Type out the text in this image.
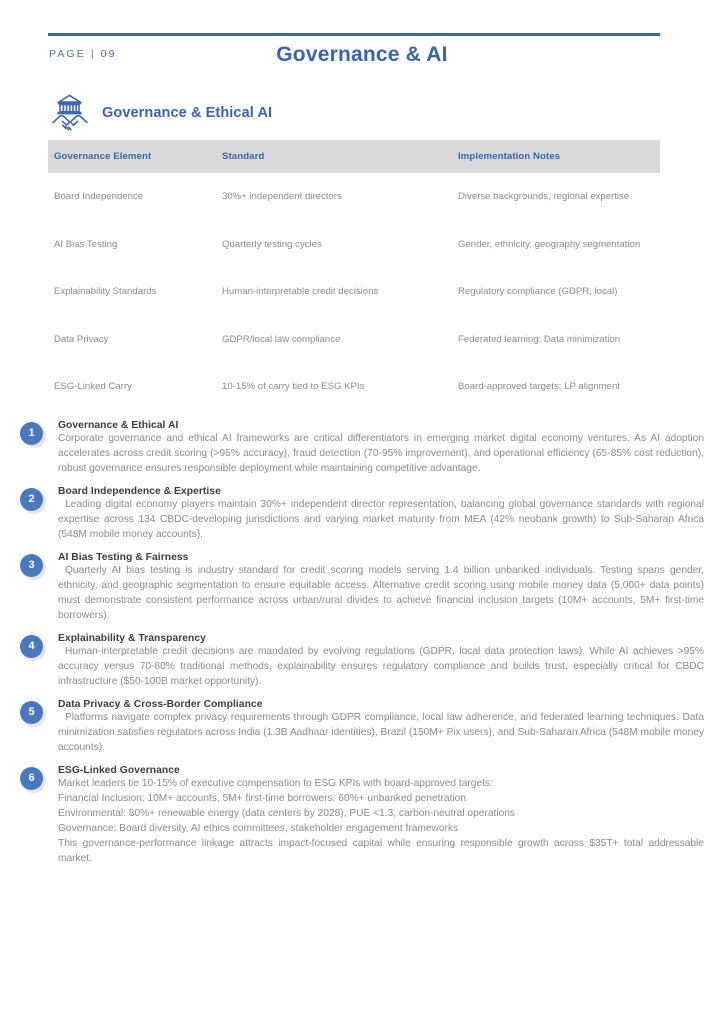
PAGE | 09	Governance & AI
Governance & Ethical AI
Governance Element	Standard	Implementation Notes
Board Independence	30%+ independent directors	Diverse backgrounds, regional expertise
AI Bias Testing	Quarterly testing cycles	Gender, ethnicity, geography segmentation
Explainability Standards	Human-interpretable credit decisions	Regulatory compliance (GDPR, local)
Data Privacy	GDPR/local law compliance	Federated learning; Data minimization
ESG-Linked Carry	10-15% of carry tied to ESG KPIs	Board-approved targets; LP alignment
1
Governance & Ethical AI

Corporate governance and ethical AI frameworks are critical differentiators in emerging market digital economy ventures. As AI adoption accelerates across credit scoring (>95% accuracy), fraud detection (70-95% improvement), and operational efficiency (65-85% cost reduction), robust governance ensures responsible deployment while maintaining competitive advantage.

2
Board Independence & Expertise

Leading digital economy players maintain 30%+ independent director representation, balancing global governance standards with regional expertise across 134 CBDC-developing jurisdictions and varying market maturity from MEA (42% neobank growth) to Sub-Saharan Africa (548M mobile money accounts).

3
AI Bias Testing & Fairness

Quarterly AI bias testing is industry standard for credit scoring models serving 1.4 billion unbanked individuals. Testing spans gender, ethnicity, and geographic segmentation to ensure equitable access. Alternative credit scoring using mobile money data (5,000+ data points) must demonstrate consistent performance across urban/rural divides to achieve financial inclusion targets (10M+ accounts, 5M+ first-time borrowers).

4
Explainability & Transparency

Human-interpretable credit decisions are mandated by evolving regulations (GDPR, local data protection laws). While AI achieves >95% accuracy versus 70-80% traditional methods, explainability ensures regulatory compliance and builds trust, especially critical for CBDC infrastructure ($50-100B market opportunity).

5
Data Privacy & Cross-Border Compliance

Platforms navigate complex privacy requirements through GDPR compliance, local law adherence, and federated learning techniques. Data minimization satisfies regulators across India (1.3B Aadhaar identities), Brazil (150M+ Pix users), and Sub-Saharan Africa (548M mobile money accounts).

6
ESG-Linked Governance

Market leaders tie 10-15% of executive compensation to ESG KPIs with board-approved targets:

Financial Inclusion: 10M+ accounts, 5M+ first-time borrowers, 60%+ unbanked penetration

Environmental: 80%+ renewable energy (data centers by 2028), PUE <1.3, carbon-neutral operations

Governance: Board diversity, AI ethics committees, stakeholder engagement frameworks

This governance-performance linkage attracts impact-focused capital while ensuring responsible growth across $35T+ total addressable market.
